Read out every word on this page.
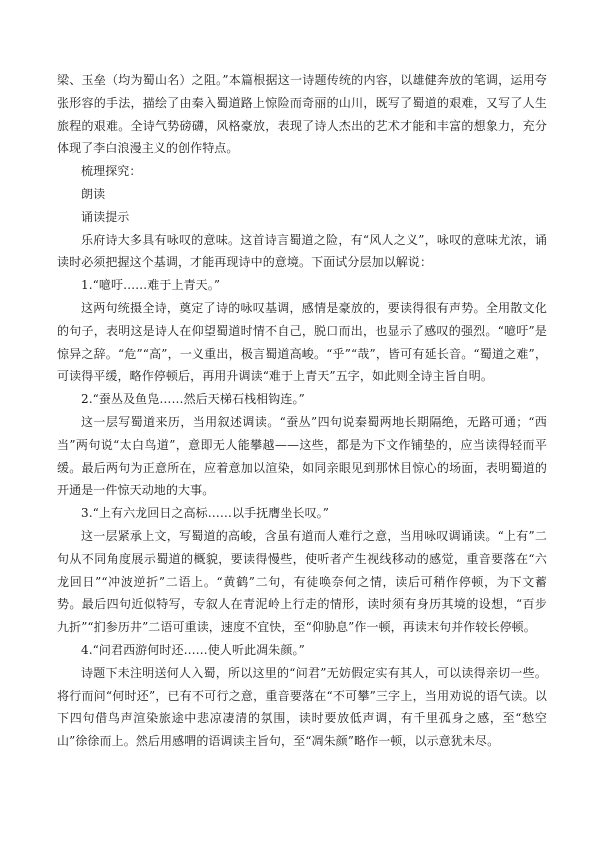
梁、玉垒（均为蜀山名）之阻。”本篇根据这一诗题传统的内容，以雄健奔放的笔调，运用夸张形容的手法，描绘了由秦入蜀道路上惊险而奇丽的山川，既写了蜀道的艰难，又写了人生旅程的艰难。全诗气势磅礴，风格豪放，表现了诗人杰出的艺术才能和丰富的想象力，充分体现了李白浪漫主义的创作特点。

梳理探究：

朗读

诵读提示

乐府诗大多具有咏叹的意味。这首诗言蜀道之险，有“风人之义”，咏叹的意味尤浓，诵读时必须把握这个基调，才能再现诗中的意境。下面试分层加以解说：

1.“噫吁……难于上青天。”

这两句统摄全诗，奠定了诗的咏叹基调，感情是豪放的，要读得很有声势。全用散文化的句子，表明这是诗人在仰望蜀道时情不自己，脱口而出，也显示了感叹的强烈。“噫吁”是惊异之辞。“危”“高”，一义重出，极言蜀道高峻。“乎”“哉”，皆可有延长音。“蜀道之难”，可读得平缓，略作停顿后，再用升调读“难于上青天”五字，如此则全诗主旨自明。

2.“蚕丛及鱼凫……然后天梯石栈相钩连。”

这一层写蜀道来历，当用叙述调读。“蚕丛”四句说秦蜀两地长期隔绝，无路可通；“西当”两句说“太白鸟道”，意即无人能攀越——这些，都是为下文作铺垫的，应当读得轻而平缓。最后两句为正意所在，应着意加以渲染，如同亲眼见到那怵目惊心的场面，表明蜀道的开通是一件惊天动地的大事。

3.“上有六龙回日之高标……以手抚膺坐长叹。”

这一层紧承上文，写蜀道的高峻，含虽有道而人难行之意，当用咏叹调诵读。“上有”二句从不同角度展示蜀道的概貌，要读得慢些，使听者产生视线移动的感觉，重音要落在“六龙回日”“冲波逆折”二语上。“黄鹤”二句，有徒唤奈何之情，读后可稍作停顿，为下文蓄势。最后四句近似特写，专叙人在青泥岭上行走的情形，读时须有身历其境的设想，“百步九折”“扪参历井”二语可重读，速度不宜快，至“仰胁息”作一顿，再读末句并作较长停顿。

4.“问君西游何时还……使人听此凋朱颜。”

诗题下未注明送何人入蜀，所以这里的“问君”无妨假定实有其人，可以读得亲切一些。将行而问“何时还”，已有不可行之意，重音要落在“不可攀”三字上，当用劝说的语气读。以下四句借鸟声渲染旅途中悲凉凄清的氛围，读时要放低声调，有千里孤身之感，至“愁空山”徐徐而上。然后用感喟的语调读主旨句，至“凋朱颜”略作一顿，以示意犹未尽。
